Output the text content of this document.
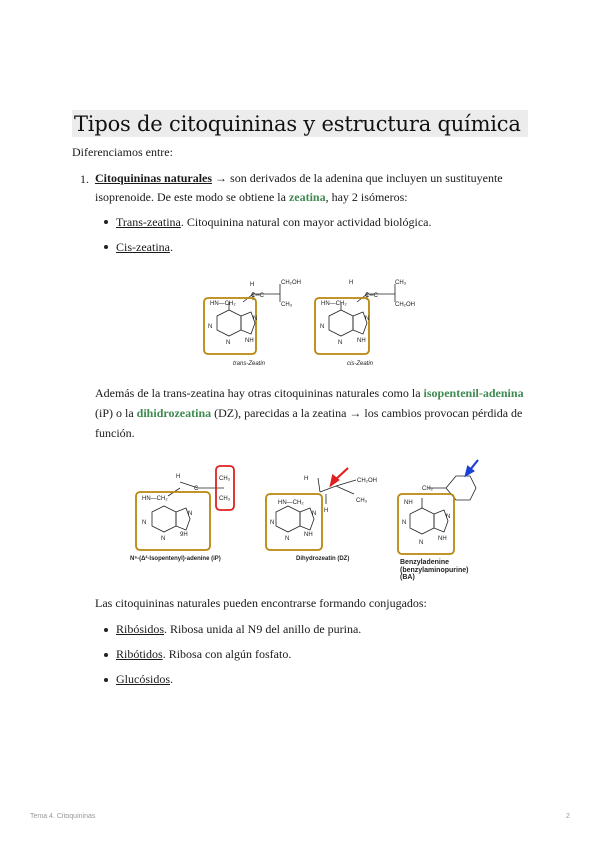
Tipos de citoquininas y estructura química
Diferenciamos entre:
1. Citoquininas naturales → son derivados de la adenina que incluyen un sustituyente
isoprenoide. De este modo se obtiene la zeatina, hay 2 isómeros:
Trans-zeatina. Citoquinina natural con mayor actividad biológica.
Cis-zeatina.
H	CH₂OH
C═C
CH₃
HN—CH₂
N
N
N
NH
trans-Zeatin
H	CH₃
C═C
CH₂OH
HN—CH₂
N
N
N
NH
cis-Zeatin
Además de la trans-zeatina hay otras citoquininas naturales como la isopentenil-adenina
(iP) o la dihidrozeatina (DZ), parecidas a la zeatina → los cambios provocan pérdida de
función.
H
C
CH₃
CH₃
HN—CH₂
N
N
N
9H
N⁶-(Δ²-Isopentenyl)-adenine (iP)
H	CH₂OH
CH₃
H
HN—CH₂
N
N
N
NH
Dihydrozeatin (DZ)
CH₂
NH
N
N
N
NH
Benzyladenine
(benzylaminopurine)
(BA)
Las citoquininas naturales pueden encontrarse formando conjugados:
Ribósidos. Ribosa unida al N9 del anillo de purina.
Ribótidos. Ribosa con algún fosfato.
Glucósidos.
Tema 4. Citoquininas	2
